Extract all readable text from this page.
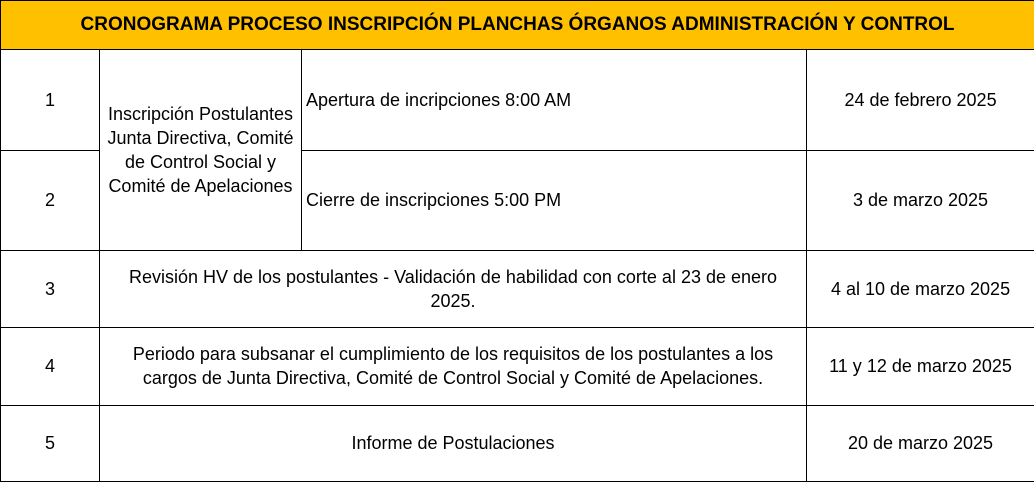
CRONOGRAMA PROCESO INSCRIPCIÓN PLANCHAS ÓRGANOS ADMINISTRACIÓN Y CONTROL			
1	Inscripción Postulantes Junta Directiva, Comité de Control Social y Comité de Apelaciones	Apertura de incripciones 8:00 AM	24 de febrero 2025
2		Cierre de inscripciones 5:00 PM	3 de marzo 2025
3	Revisión HV de los postulantes - Validación de habilidad con corte al 23 de enero 2025.		4 al 10 de marzo 2025
4	Periodo para subsanar el cumplimiento de los requisitos de los postulantes a los cargos de Junta Directiva, Comité de Control Social y Comité de Apelaciones.		11 y 12 de marzo 2025
5	Informe de Postulaciones		20 de marzo 2025
